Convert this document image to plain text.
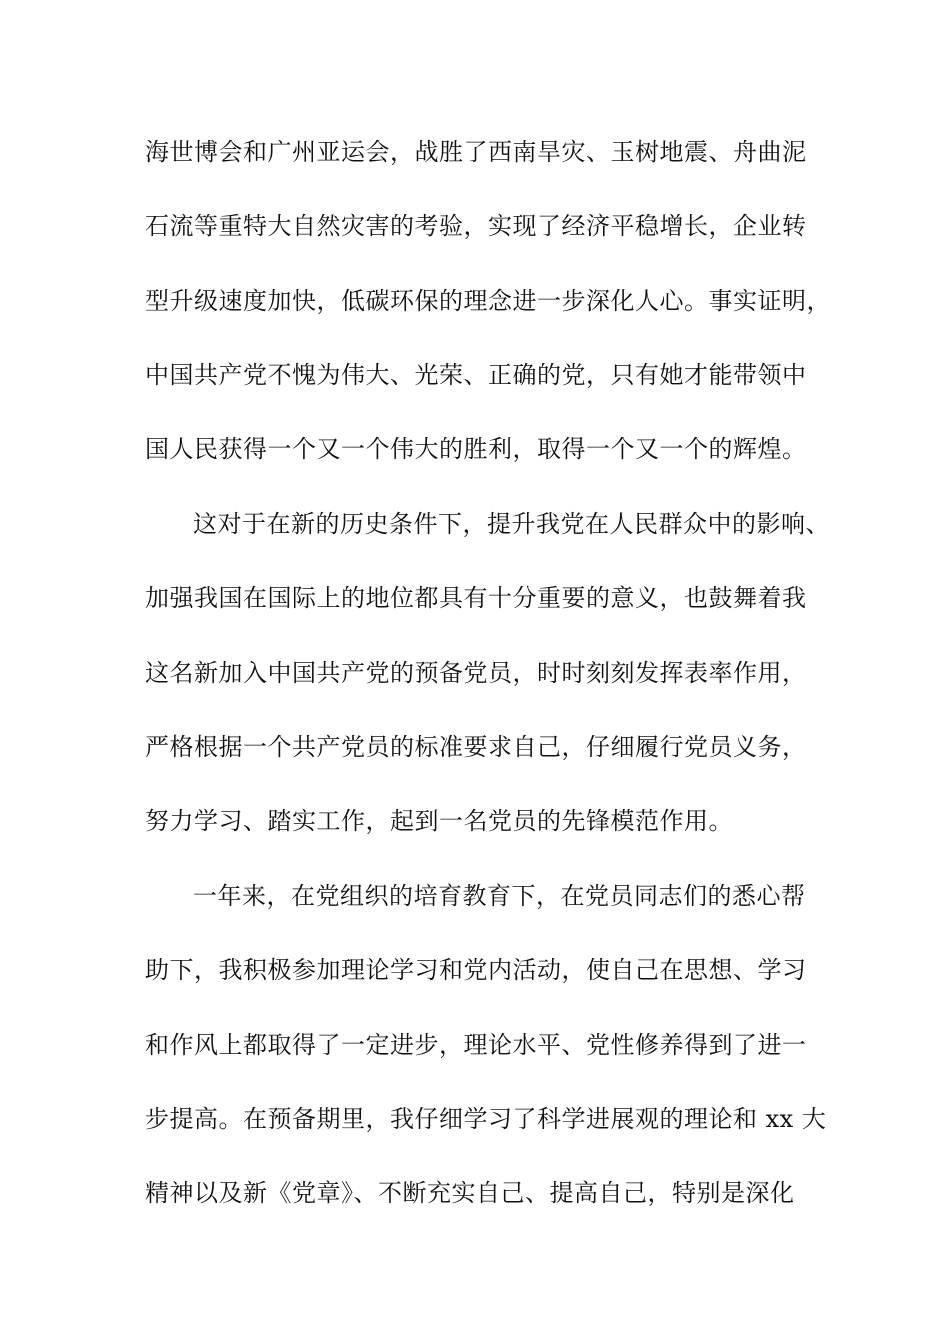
海世博会和广州亚运会，战胜了西南旱灾、玉树地震、舟曲泥
石流等重特大自然灾害的考验，实现了经济平稳增长，企业转
型升级速度加快，低碳环保的理念进一步深化人心。事实证明，
中国共产党不愧为伟大、光荣、正确的党，只有她才能带领中
国人民获得一个又一个伟大的胜利，取得一个又一个的辉煌。
这对于在新的历史条件下，提升我党在人民群众中的影响、
加强我国在国际上的地位都具有十分重要的意义，也鼓舞着我
这名新加入中国共产党的预备党员，时时刻刻发挥表率作用，
严格根据一个共产党员的标准要求自己，仔细履行党员义务，
努力学习、踏实工作，起到一名党员的先锋模范作用。
一年来，在党组织的培育教育下，在党员同志们的悉心帮
助下，我积极参加理论学习和党内活动，使自己在思想、学习
和作风上都取得了一定进步，理论水平、党性修养得到了进一
步提高。在预备期里，我仔细学习了科学进展观的理论和 xx 大
精神以及新《党章》、不断充实自己、提高自己，特别是深化
